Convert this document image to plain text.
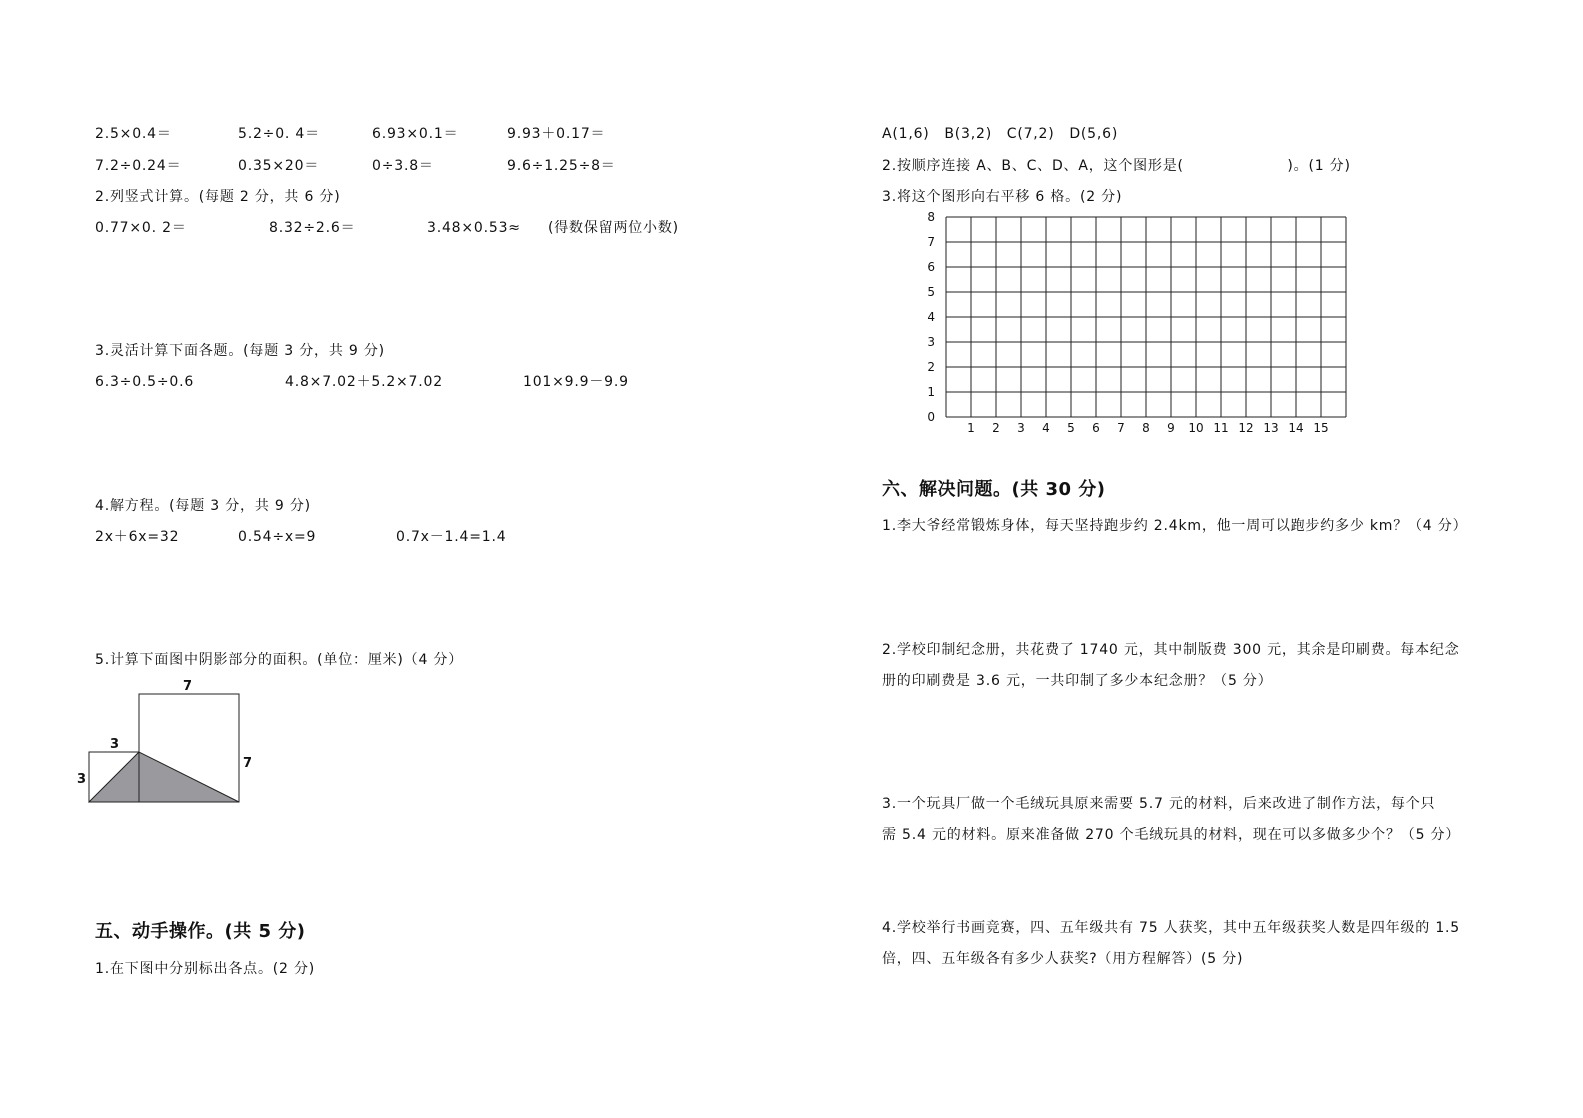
2.5×0.4＝	5.2÷0. 4＝	6.93×0.1＝	9.93＋0.17＝
7.2÷0.24＝	0.35×20＝	0÷3.8＝	9.6÷1.25÷8＝
2.列竖式计算。(每题 2 分，共 6 分)
0.77×0. 2＝	8.32÷2.6＝	3.48×0.53≈ (得数保留两位小数)
3.灵活计算下面各题。(每题 3 分，共 9 分)
6.3÷0.5÷0.6	4.8×7.02＋5.2×7.02	101×9.9－9.9
4.解方程。(每题 3 分，共 9 分)
2x＋6x=32	0.54÷x=9	0.7x－1.4=1.4
5.计算下面图中阴影部分的面积。(单位：厘米)（4 分）
7
3
3
7
五、动手操作。(共 5 分)
1.在下图中分别标出各点。(2 分)
A(1,6)　B(3,2)　C(7,2)　D(5,6)
2.按顺序连接 A、B、C、D、A，这个图形是(　　　　　　　)。(1 分)
3.将这个图形向右平移 6 格。(2 分)
1 2 3 4 5 6 7 8 9 10 11 12 13 14 15
0
1
2
3
4
5
6
7
8
六、解决问题。(共 30 分)
1.李大爷经常锻炼身体，每天坚持跑步约 2.4km，他一周可以跑步约多少 km？（4 分）
2.学校印制纪念册，共花费了 1740 元，其中制版费 300 元，其余是印刷费。每本纪念
册的印刷费是 3.6 元，一共印制了多少本纪念册？（5 分）
3.一个玩具厂做一个毛绒玩具原来需要 5.7 元的材料，后来改进了制作方法，每个只
需 5.4 元的材料。原来准备做 270 个毛绒玩具的材料，现在可以多做多少个？（5 分）
4.学校举行书画竞赛，四、五年级共有 75 人获奖，其中五年级获奖人数是四年级的 1.5
倍，四、五年级各有多少人获奖?（用方程解答）(5 分)
